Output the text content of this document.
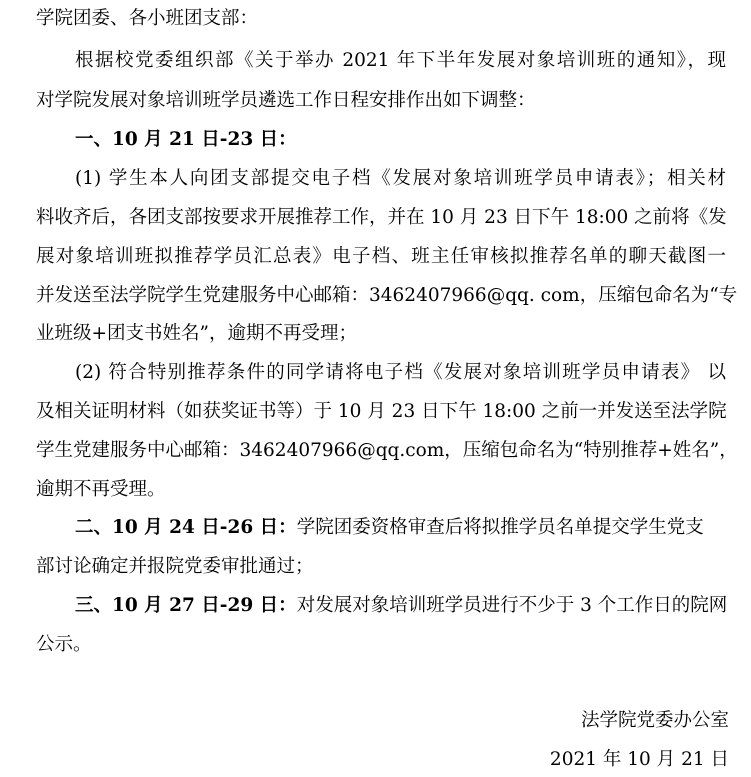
学院团委、各小班团支部：
根据校党委组织部《关于举办 2021 年下半年发展对象培训班的通知》，现
对学院发展对象培训班学员遴选工作日程安排作出如下调整：
一、10 月 21 日-23 日：
(1) 学生本人向团支部提交电子档《发展对象培训班学员申请表》；相关材
料收齐后，各团支部按要求开展推荐工作，并在 10 月 23 日下午 18:00 之前将《发
展对象培训班拟推荐学员汇总表》电子档、班主任审核拟推荐名单的聊天截图一
并发送至法学院学生党建服务中心邮箱：3462407966@qq. com，压缩包命名为“专
业班级+团支书姓名”，逾期不再受理；
(2) 符合特别推荐条件的同学请将电子档《发展对象培训班学员申请表》 以
及相关证明材料（如获奖证书等）于 10 月 23 日下午 18:00 之前一并发送至法学院
学生党建服务中心邮箱：3462407966@qq.com，压缩包命名为“特别推荐+姓名”，
逾期不再受理。
二、10 月 24 日-26 日：学院团委资格审查后将拟推学员名单提交学生党支
部讨论确定并报院党委审批通过；
三、10 月 27 日-29 日：对发展对象培训班学员进行不少于 3 个工作日的院网
公示。
法学院党委办公室
2021 年 10 月 21 日
